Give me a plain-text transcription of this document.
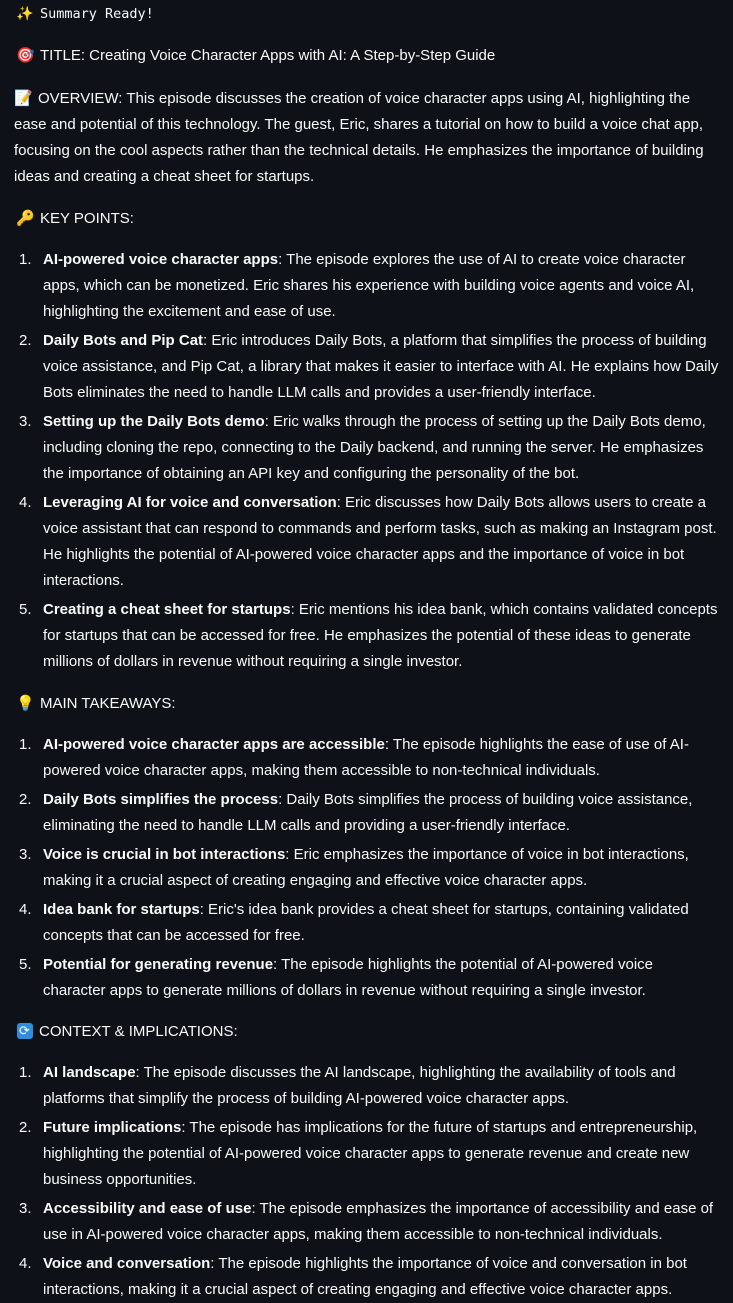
✨ Summary Ready!

🎯 TITLE: Creating Voice Character Apps with AI: A Step-by-Step Guide

📝 OVERVIEW: This episode discusses the creation of voice character apps using AI, highlighting the ease and potential of this technology. The guest, Eric, shares a tutorial on how to build a voice chat app, focusing on the cool aspects rather than the technical details. He emphasizes the importance of building ideas and creating a cheat sheet for startups.

🔑 KEY POINTS:

AI-powered voice character apps: The episode explores the use of AI to create voice character apps, which can be monetized. Eric shares his experience with building voice agents and voice AI, highlighting the excitement and ease of use.
Daily Bots and Pip Cat: Eric introduces Daily Bots, a platform that simplifies the process of building voice assistance, and Pip Cat, a library that makes it easier to interface with AI. He explains how Daily Bots eliminates the need to handle LLM calls and provides a user-friendly interface.
Setting up the Daily Bots demo: Eric walks through the process of setting up the Daily Bots demo, including cloning the repo, connecting to the Daily backend, and running the server. He emphasizes the importance of obtaining an API key and configuring the personality of the bot.
Leveraging AI for voice and conversation: Eric discusses how Daily Bots allows users to create a voice assistant that can respond to commands and perform tasks, such as making an Instagram post. He highlights the potential of AI-powered voice character apps and the importance of voice in bot interactions.
Creating a cheat sheet for startups: Eric mentions his idea bank, which contains validated concepts for startups that can be accessed for free. He emphasizes the potential of these ideas to generate millions of dollars in revenue without requiring a single investor.

💡 MAIN TAKEAWAYS:

AI-powered voice character apps are accessible: The episode highlights the ease of use of AI-powered voice character apps, making them accessible to non-technical individuals.
Daily Bots simplifies the process: Daily Bots simplifies the process of building voice assistance, eliminating the need to handle LLM calls and providing a user-friendly interface.
Voice is crucial in bot interactions: Eric emphasizes the importance of voice in bot interactions, making it a crucial aspect of creating engaging and effective voice character apps.
Idea bank for startups: Eric's idea bank provides a cheat sheet for startups, containing validated concepts that can be accessed for free.
Potential for generating revenue: The episode highlights the potential of AI-powered voice character apps to generate millions of dollars in revenue without requiring a single investor.

⟳CONTEXT & IMPLICATIONS:

AI landscape: The episode discusses the AI landscape, highlighting the availability of tools and platforms that simplify the process of building AI-powered voice character apps.
Future implications: The episode has implications for the future of startups and entrepreneurship, highlighting the potential of AI-powered voice character apps to generate revenue and create new business opportunities.
Accessibility and ease of use: The episode emphasizes the importance of accessibility and ease of use in AI-powered voice character apps, making them accessible to non-technical individuals.
Voice and conversation: The episode highlights the importance of voice and conversation in bot interactions, making it a crucial aspect of creating engaging and effective voice character apps.
